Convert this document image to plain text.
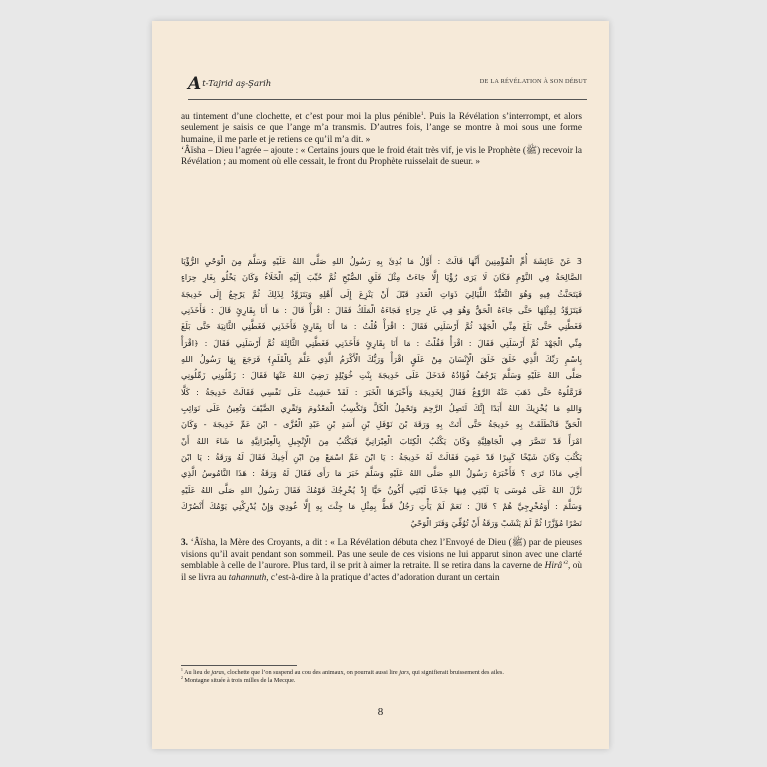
At-Tajrid aş-Şarih	DE LA RÉVÉLATION À SON DÉBUT

au tintement d’une clochette, et c’est pour moi la plus pénible$^1$. Puis la Révélation s’interrompt, et alors seulement je saisis ce que l’ange m’a transmis. D’autres fois, l’ange se montre à moi sous une forme humaine, il me parle et je retiens ce qu’il m’a dit. »

‘Âïsha – Dieu l’agrée – ajoute : « Certains jours que le froid était très vif, je vis le Prophète (ﷺ) recevoir la Révélation ; au moment où elle cessait, le front du Prophète ruisselait de sueur. »

3 عَنْ عَائِشَةَ أُمِّ الْمُؤْمِنِينَ أَنَّهَا قَالَتْ : أَوَّلُ مَا بُدِئَ بِهِ رَسُولُ اللهِ صَلَّى اللهُ عَلَيْهِ وَسَلَّمَ مِنَ الْوَحْيِ الرُّؤْيَا
الصَّالِحَةُ فِي النَّوْمِ فَكَانَ لَا يَرَى رُؤْيَا إِلَّا جَاءَتْ مِثْلَ فَلَقِ الصُّبْحِ ثُمَّ حُبِّبَ إِلَيْهِ الْخَلَاءُ وَكَانَ يَخْلُو بِغَارِ حِرَاءٍ
فَيَتَحَنَّثُ فِيهِ وَهُوَ التَّعَبُّدُ اللَّيَالِيَ ذَوَاتِ الْعَدَدِ قَبْلَ أَنْ يَنْزِعَ إِلَى أَهْلِهِ وَيَتَزَوَّدُ لِذَلِكَ ثُمَّ يَرْجِعُ إِلَى خَدِيجَةَ
فَيَتَزَوَّدُ لِمِثْلِهَا حَتَّى جَاءَهُ الْحَقُّ وَهُوَ فِي غَارِ حِرَاءٍ فَجَاءَهُ الْمَلَكُ فَقَالَ : اقْرَأْ قَالَ : مَا أَنَا بِقَارِئٍ قَالَ : فَأَخَذَنِي
فَغَطَّنِي حَتَّى بَلَغَ مِنِّي الْجَهْدَ ثُمَّ أَرْسَلَنِي فَقَالَ : اقْرَأْ قُلْتُ : مَا أَنَا بِقَارِئٍ فَأَخَذَنِي فَغَطَّنِي الثَّانِيَةَ حَتَّى بَلَغَ
مِنِّي الْجَهْدَ ثُمَّ أَرْسَلَنِي فَقَالَ : اقْرَأْ فَقُلْتُ : مَا أَنَا بِقَارِئٍ فَأَخَذَنِي فَغَطَّنِي الثَّالِثَةَ ثُمَّ أَرْسَلَنِي فَقَالَ : ﴿اقْرَأْ
بِاسْمِ رَبِّكَ الَّذِي خَلَقَ خَلَقَ الْإِنْسَانَ مِنْ عَلَقٍ اقْرَأْ وَرَبُّكَ الْأَكْرَمُ الَّذِي عَلَّمَ بِالْقَلَمِ﴾ فَرَجَعَ بِهَا رَسُولُ اللهِ
صَلَّى اللهُ عَلَيْهِ وَسَلَّمَ يَرْجُفُ فُؤَادُهُ فَدَخَلَ عَلَى خَدِيجَةَ بِنْتِ خُوَيْلِدٍ رَضِيَ اللهُ عَنْهَا فَقَالَ : زَمِّلُونِي زَمِّلُونِي
فَزَمَّلُوهُ حَتَّى ذَهَبَ عَنْهُ الرَّوْعُ فَقَالَ لِخَدِيجَةَ وَأَخْبَرَهَا الْخَبَرَ : لَقَدْ خَشِيتُ عَلَى نَفْسِي فَقَالَتْ خَدِيجَةُ : كَلَّا
وَاللهِ مَا يُخْزِيكَ اللهُ أَبَدًا إِنَّكَ لَتَصِلُ الرَّحِمَ وَتَحْمِلُ الْكَلَّ وَتَكْسِبُ الْمَعْدُومَ وَتَقْرِي الضَّيْفَ وَتُعِينُ عَلَى نَوَائِبِ
الْحَقِّ فَانْطَلَقَتْ بِهِ خَدِيجَةُ حَتَّى أَتَتْ بِهِ وَرَقَةَ بْنَ نَوْفَلِ بْنِ أَسَدِ بْنِ عَبْدِ الْعُزَّى - ابْنَ عَمِّ خَدِيجَةَ - وَكَانَ
امْرَأً قَدْ تَنَصَّرَ فِي الْجَاهِلِيَّةِ وَكَانَ يَكْتُبُ الْكِتَابَ الْعِبْرَانِيَّ فَيَكْتُبُ مِنَ الْإِنْجِيلِ بِالْعِبْرَانِيَّةِ مَا شَاءَ اللهُ أَنْ
يَكْتُبَ وَكَانَ شَيْخًا كَبِيرًا قَدْ عَمِيَ فَقَالَتْ لَهُ خَدِيجَةُ : يَا ابْنَ عَمِّ اسْمَعْ مِنَ ابْنِ أَخِيكَ فَقَالَ لَهُ وَرَقَةُ : يَا ابْنَ
أَخِي مَاذَا تَرَى ؟ فَأَخْبَرَهُ رَسُولُ اللهِ صَلَّى اللهُ عَلَيْهِ وَسَلَّمَ خَبَرَ مَا رَأَى فَقَالَ لَهُ وَرَقَةُ : هَذَا النَّامُوسُ الَّذِي
نَزَّلَ اللهُ عَلَى مُوسَى يَا لَيْتَنِي فِيهَا جَذَعًا لَيْتَنِي أَكُونُ حَيًّا إِذْ يُخْرِجُكَ قَوْمُكَ فَقَالَ رَسُولُ اللهِ صَلَّى اللهُ عَلَيْهِ
وَسَلَّمَ : أَوَمُخْرِجِيَّ هُمْ ؟ قَالَ : نَعَمْ لَمْ يَأْتِ رَجُلٌ قَطُّ بِمِثْلِ مَا جِئْتَ بِهِ إِلَّا عُودِيَ وَإِنْ يُدْرِكْنِي يَوْمُكَ أَنْصُرْكَ
نَصْرًا مُؤَزَّرًا ثُمَّ لَمْ يَنْشَبْ وَرَقَةُ أَنْ تُوُفِّيَ وَفَتَرَ الْوَحْيُ

3. ‘Âïsha, la Mère des Croyants, a dit : « La Révélation débuta chez l’Envoyé de Dieu (ﷺ) par de pieuses visions qu’il avait pendant son sommeil. Pas une seule de ces visions ne lui apparut sinon avec une clarté semblable à celle de l’aurore. Plus tard, il se prit à aimer la retraite. Il se retira dans la caverne de Hirâ’$^2$, où il se livra au tahannuth, c’est-à-dire à la pratique d’actes d’adoration durant un certain

$^1$ Au lieu de jaras, clochette que l’on suspend au cou des animaux, on pourrait aussi lire jars, qui signifierait bruissement des ailes.

$^2$ Montagne située à trois milles de la Mecque.

8
